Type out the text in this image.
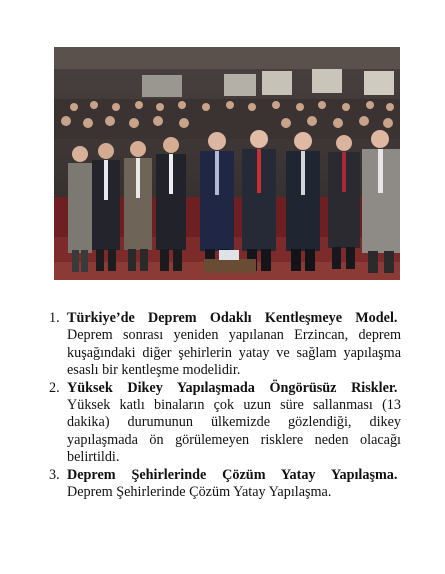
1. Türkiye’de Deprem Odaklı Kentleşmeye Model.  Deprem sonrası yeniden yapılanan Erzincan, deprem kuşağındaki diğer şehirlerin yatay ve sağlam yapılaşma esaslı bir kentleşme modelidir.
2. Yüksek Dikey Yapılaşmada Öngörüsüz Riskler.  Yüksek katlı binaların çok uzun süre sallanması (13 dakika) durumunun ülkemizde gözlendiği, dikey yapılaşmada ön görülemeyen risklere neden olacağı belirtildi.
3. Deprem Şehirlerinde Çözüm Yatay Yapılaşma.  Deprem Şehirlerinde Çözüm Yatay Yapılaşma.
